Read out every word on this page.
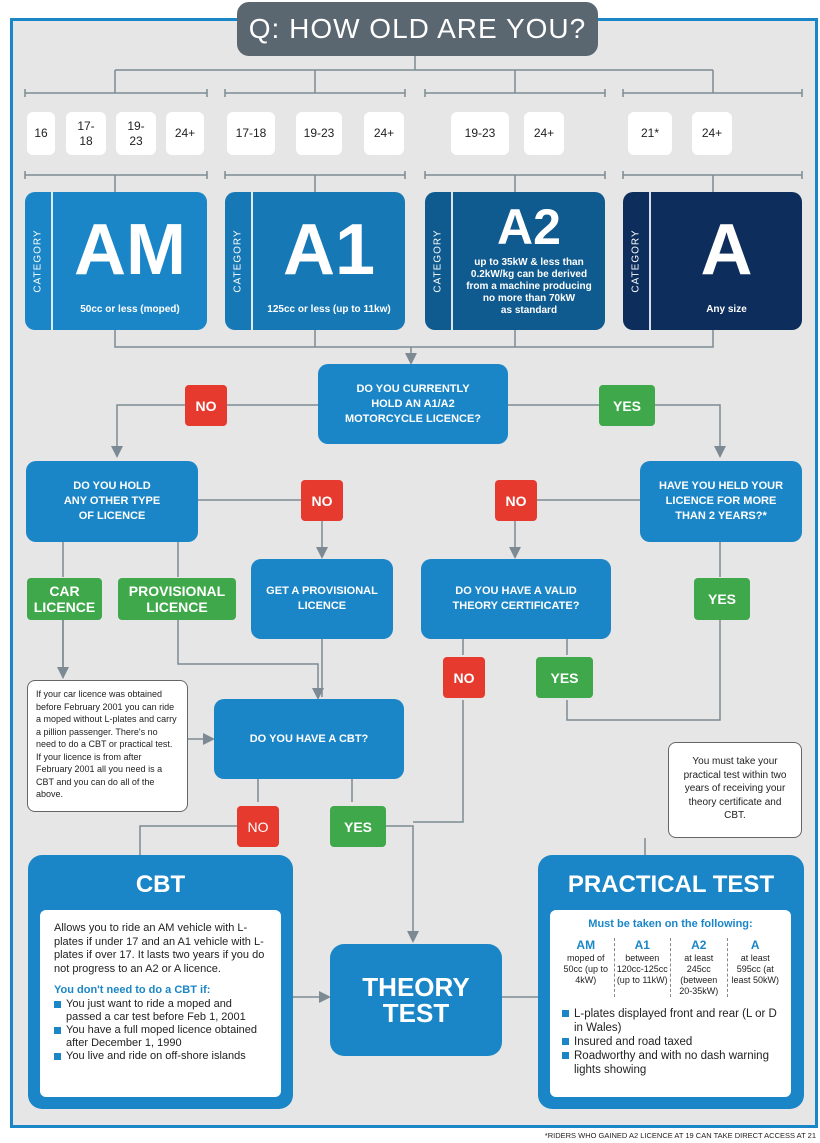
Q: HOW OLD ARE YOU?
16
17-
18
19-
23
24+	17-18	19-23	24+	19-23	24+	21*	24+
CATEGORY AM
50cc or less (moped)
CATEGORY A1
125cc or less (up to 11kw)
CATEGORY
A2
up to 35kW & less than
0.2kW/kg can be derived
from a machine producing
no more than 70kW
as standard
CATEGORY A
Any size
DO YOU CURRENTLY
HOLD AN A1/A2
MOTORCYCLE LICENCE?
NO	YES
DO YOU HOLD
ANY OTHER TYPE
OF LICENCE
HAVE YOU HELD YOUR
LICENCE FOR MORE
THAN 2 YEARS?*
NO	NO
CAR
LICENCE
PROVISIONAL
LICENCE
GET A PROVISIONAL
LICENCE
DO YOU HAVE A VALID
THEORY CERTIFICATE?	YES
If your car licence was obtained before February 2001 you can ride a moped without L-plates and carry a pillion passenger. There's no need to do a CBT or practical test. If your licence is from after February 2001 all you need is a CBT and you can do all of the above.
DO YOU HAVE A CBT?
NO	YES
You must take your practical test within two years of receiving your theory certificate and CBT.
NO	YES
CBT
Allows you to ride an AM vehicle with L-plates if under 17 and an A1 vehicle with L-plates if over 17. It lasts two years if you do not progress to an A2 or A licence.
You don't need to do a CBT if:
You just want to ride a moped and passed a car test before Feb 1, 2001
You have a full moped licence obtained after December 1, 1990
You live and ride on off-shore islands
THEORY
TEST
PRACTICAL TEST
Must be taken on the following:
AM
moped of 50cc (up to 4kW)
A1
between 120cc-125cc (up to 11kW)
A2
at least 245cc (between 20-35kW)
A
at least 595cc (at least 50kW)
L-plates displayed front and rear (L or D in Wales)
Insured and road taxed
Roadworthy and with no dash warning lights showing
*RIDERS WHO GAINED A2 LICENCE AT 19 CAN TAKE DIRECT ACCESS AT 21
